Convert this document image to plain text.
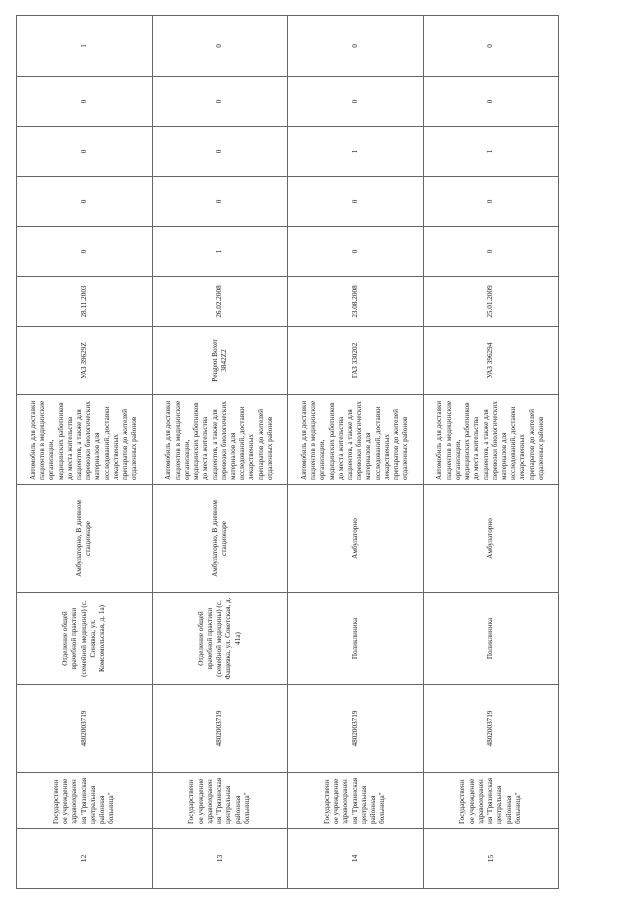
12	Государственное учреждение здравоохранения "Грязинская центральная районная больница"	4802003719	Отделение общей врачебной практики (семейной медицины) (с. Синявка, ул. Комсомольская, д. 1а)	Амбулаторно, В дневном стационаре	Автомобиль для доставки пациентов в медицинские организации, медицинских работников до места жительства пациентов, а также для перевозки биологических материалов для исследований, доставки лекарственных препаратов до жителей отдаленных районов	УАЗ 39629Z	28.11.2003	0	0	0	0	1
13	Государственное учреждение здравоохранения "Грязинская центральная районная больница"	4802003719	Отделение общей врачебной практики (семейной медицины) (с. Фащевка, ул. Советская, д. 41а)	Амбулаторно, В дневном стационаре	Автомобиль для доставки пациентов в медицинские организации, медицинских работников до места жительства пациентов, а также для перевозки биологических материалов для исследований, доставки лекарственных препаратов до жителей отдаленных районов	Peugeot Boxer 3842Z2	26.02.2008	1	0	0	0	0
14	Государственное учреждение здравоохранения "Грязинская центральная районная больница"	4802003719	Поликлиника	Амбулаторно	Автомобиль для доставки пациентов в медицинские организации, медицинских работников до места жительства пациентов, а также для перевозки биологических материалов для исследований, доставки лекарственных препаратов до жителей отдаленных районов	ГАЗ 330202	23.08.2008	0	0	1	0	0
15	Государственное учреждение здравоохранения "Грязинская центральная районная больница"	4802003719	Поликлиника	Амбулаторно	Автомобиль для доставки пациентов в медицинские организации, медицинских работников до места жительства пациентов, а также для перевозки биологических материалов для исследований, доставки лекарственных препаратов до жителей отдаленных районов	УАЗ 396294	25.01.2009	0	0	1	0	0
